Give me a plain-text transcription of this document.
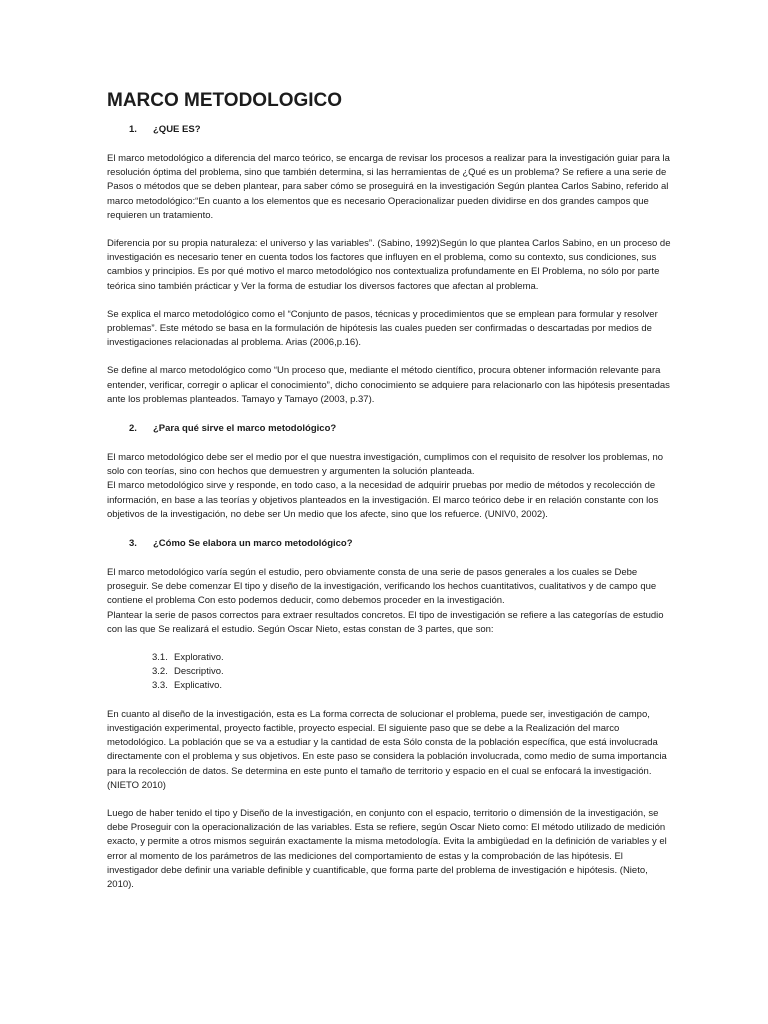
MARCO METODOLOGICO
1.	¿QUE ES?

El marco metodológico a diferencia del marco teórico, se encarga de revisar los procesos a realizar para la investigación guiar para la resolución óptima del problema, sino que también determina, si las herramientas de ¿Qué es un problema? Se refiere a una serie de Pasos o métodos que se deben plantear, para saber cómo se proseguirá en la investigación Según plantea Carlos Sabino, referido al marco metodológico:“En cuanto a los elementos que es necesario Operacionalizar pueden dividirse en dos grandes campos que requieren un tratamiento.

Diferencia por su propia naturaleza: el universo y las variables”. (Sabino, 1992)Según lo que plantea Carlos Sabino, en un proceso de investigación es necesario tener en cuenta todos los factores que influyen en el problema, como su contexto, sus condiciones, sus cambios y principios. Es por qué motivo el marco metodológico nos contextualiza profundamente en El Problema, no sólo por parte teórica sino también prácticar y Ver la forma de estudiar los diversos factores que afectan al problema.

Se explica el marco metodológico como el “Conjunto de pasos, técnicas y procedimientos que se emplean para formular y resolver problemas”. Este método se basa en la formulación de hipótesis las cuales pueden ser confirmadas o descartadas por medios de investigaciones relacionadas al problema. Arias (2006,p.16).

Se define al marco metodológico como “Un proceso que, mediante el método científico, procura obtener información relevante para entender, verificar, corregir o aplicar el conocimiento”, dicho conocimiento se adquiere para relacionarlo con las hipótesis presentadas ante los problemas planteados. Tamayo y Tamayo (2003, p.37).

2.	¿Para qué sirve el marco metodológico?

El marco metodológico debe ser el medio por el que nuestra investigación, cumplimos con el requisito de resolver los problemas, no solo con teorías, sino con hechos que demuestren y argumenten la solución planteada.

El marco metodológico sirve y responde, en todo caso, a la necesidad de adquirir pruebas por medio de métodos y recolección de información, en base a las teorías y objetivos planteados en la investigación. El marco teórico debe ir en relación constante con los objetivos de la investigación, no debe ser Un medio que los afecte, sino que los refuerce. (UNIV0, 2002).

3.	¿Cómo Se elabora un marco metodológico?

El marco metodológico varía según el estudio, pero obviamente consta de una serie de pasos generales a los cuales se Debe proseguir. Se debe comenzar El tipo y diseño de la investigación, verificando los hechos cuantitativos, cualitativos y de campo que contiene el problema Con esto podemos deducir, como debemos proceder en la investigación.

Plantear la serie de pasos correctos para extraer resultados concretos. El tipo de investigación se refiere a las categorías de estudio con las que Se realizará el estudio. Según Oscar Nieto, estas constan de 3 partes, que son:

3.1. Explorativo.
3.2. Descriptivo.
3.3. Explicativo.

En cuanto al diseño de la investigación, esta es La forma correcta de solucionar el problema, puede ser, investigación de campo, investigación experimental, proyecto factible, proyecto especial. El siguiente paso que se debe a la Realización del marco metodológico. La población que se va a estudiar y la cantidad de esta Sólo consta de la población específica, que está involucrada directamente con el problema y sus objetivos. En este paso se considera la población involucrada, como medio de suma importancia para la recolección de datos. Se determina en este punto el tamaño de territorio y espacio en el cual se enfocará la investigación. (NIETO 2010)

Luego de haber tenido el tipo y Diseño de la investigación, en conjunto con el espacio, territorio o dimensión de la investigación, se debe Proseguir con la operacionalización de las variables. Esta se refiere, según Oscar Nieto como: El método utilizado de medición exacto, y permite a otros mismos seguirán exactamente la misma metodología. Evita la ambigüedad en la definición de variables y el error al momento de los parámetros de las mediciones del comportamiento de estas y la comprobación de las hipótesis. El investigador debe definir una variable definible y cuantificable, que forma parte del problema de investigación e hipótesis. (Nieto, 2010).
